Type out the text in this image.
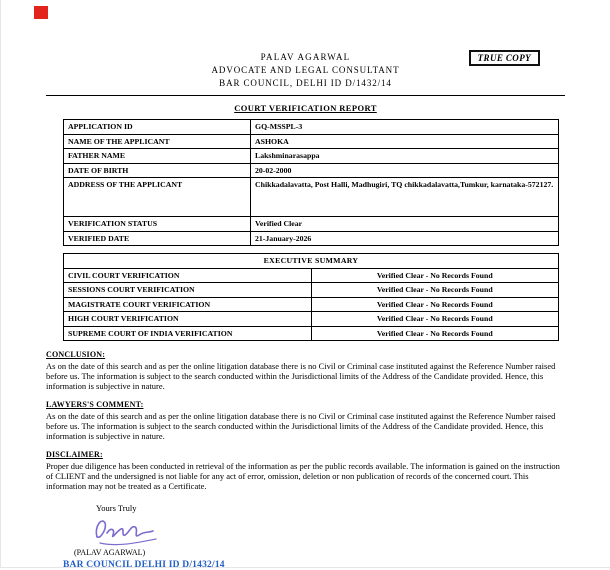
PALAV AGARWAL
ADVOCATE AND LEGAL CONSULTANT
BAR COUNCIL, DELHI ID D/1432/14
TRUE COPY
COURT VERIFICATION REPORT
APPLICATION ID	GQ-MSSPL-3
NAME OF THE APPLICANT	ASHOKA
FATHER NAME	Lakshminarasappa
DATE OF BIRTH	20-02-2000
ADDRESS OF THE APPLICANT	Chikkadalavatta, Post Halli, Madhugiri, TQ chikkadalavatta,Tumkur, karnataka-572127.
VERIFICATION STATUS	Verified Clear
VERIFIED DATE	21-January-2026
EXECUTIVE SUMMARY	
CIVIL COURT VERIFICATION	Verified Clear - No Records Found
SESSIONS COURT VERIFICATION	Verified Clear - No Records Found
MAGISTRATE COURT VERIFICATION	Verified Clear - No Records Found
HIGH COURT VERIFICATION	Verified Clear - No Records Found
SUPREME COURT OF INDIA VERIFICATION	Verified Clear - No Records Found
CONCLUSION:
As on the date of this search and as per the online litigation database there is no Civil or Criminal case instituted against the Reference Number raised before us. The information is subject to the search conducted within the Jurisdictional limits of the Address of the Candidate provided. Hence, this information is subjective in nature.
LAWYERS'S COMMENT:
As on the date of this search and as per the online litigation database there is no Civil or Criminal case instituted against the Reference Number raised before us. The information is subject to the search conducted within the Jurisdictional limits of the Address of the Candidate provided. Hence, this information is subjective in nature.
DISCLAIMER:
Proper due diligence has been conducted in retrieval of the information as per the public records available. The information is gained on the instruction of CLIENT and the undersigned is not liable for any act of error, omission, deletion or non publication of records of the concerned court. This information may not be treated as a Certificate.
Yours Truly
(PALAV AGARWAL)
BAR COUNCIL DELHI ID D/1432/14
